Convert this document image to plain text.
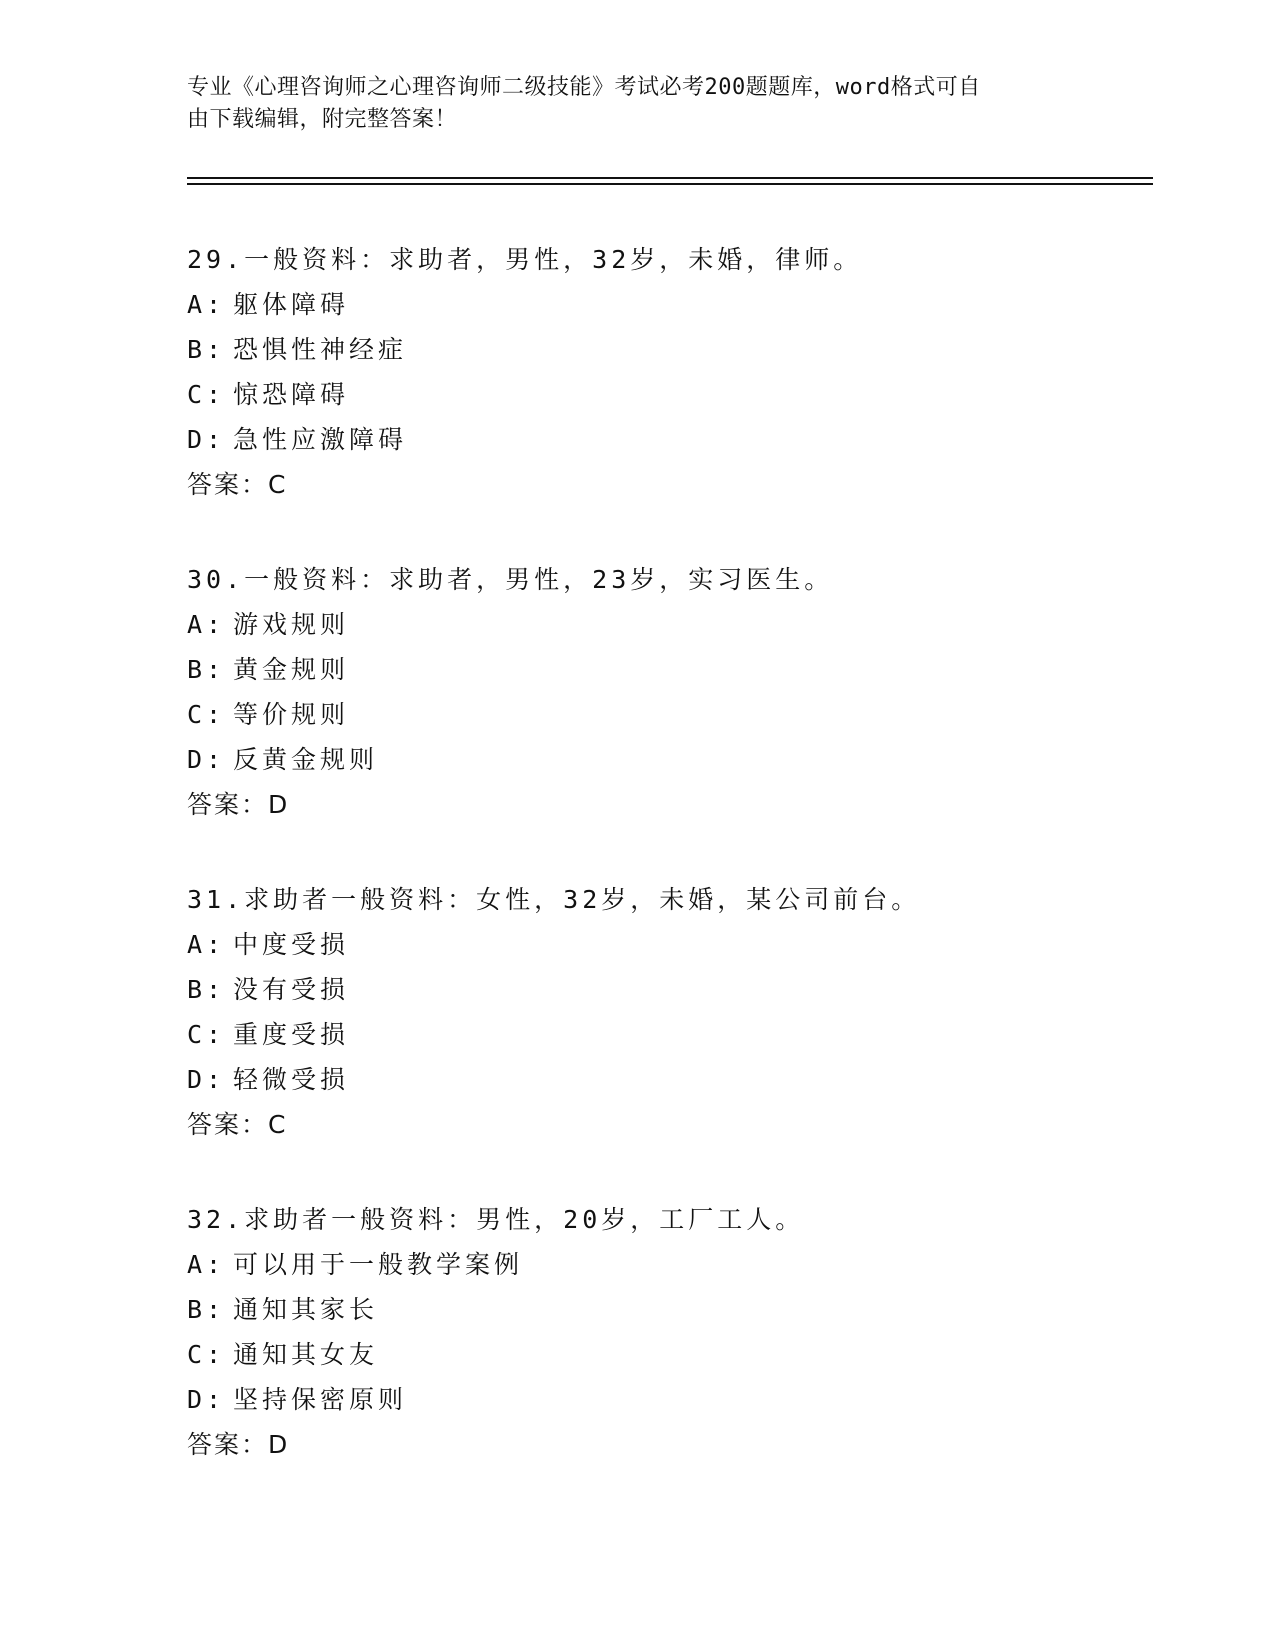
专业《心理咨询师之心理咨询师二级技能》考试必考200题题库，word格式可自
由下载编辑，附完整答案！
29.一般资料：求助者，男性，32岁，未婚，律师。
A: 躯体障碍
B: 恐惧性神经症
C: 惊恐障碍
D: 急性应激障碍
答案：C
30.一般资料：求助者，男性，23岁，实习医生。
A: 游戏规则
B: 黄金规则
C: 等价规则
D: 反黄金规则
答案：D
31.求助者一般资料：女性，32岁，未婚，某公司前台。
A: 中度受损
B: 没有受损
C: 重度受损
D: 轻微受损
答案：C
32.求助者一般资料：男性，20岁，工厂工人。
A: 可以用于一般教学案例
B: 通知其家长
C: 通知其女友
D: 坚持保密原则
答案：D
